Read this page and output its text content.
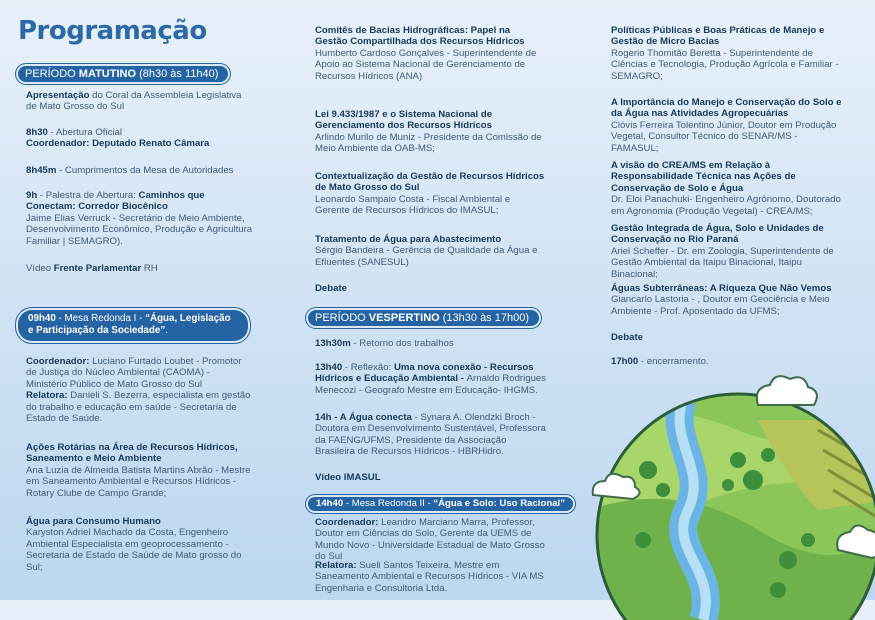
Programação
PERÍODO MATUTINO (8h30 às 11h40)
Apresentação do Coral da Assembleia Legislativa de Mato Grosso do Sul
8h30 - Abertura Oficial
Coordenador: Deputado Renato Câmara
8h45m - Cumprimentos da Mesa de Autoridades
9h - Palestra de Abertura: Caminhos que Conectam: Corredor Biocênico
Jaime Elias Verruck - Secretário de Meio Ambiente, Desenvolvimento Econômico, Produção e Agricultura Familiar | SEMAGRO).
Vídeo Frente Parlamentar RH
09h40 - Mesa Redonda I - “Água, Legislação e Participação da Sociedade”.
Coordenador: Luciano Furtado Loubet - Promotor de Justiça do Núcleo Ambiental (CAOMA) - Ministério Público de Mato Grosso do Sul
Relatora: Danieli S. Bezerra, especialista em gestão do trabalho e educação em saúde - Secretaria de Estado de Saúde.
Ações Rotárias na Área de Recursos Hídricos, Saneamento e Meio Ambiente
Ana Luzia de Almeida Batista Martins Abrão - Mestre em Saneamento Ambiental e Recursos Hídricos - Rotary Clube de Campo Grande;
Água para Consumo Humano
Karyston Adriel Machado da Costa, Engenheiro Ambiental Especialista em geoprocessamento - Secretaria de Estado de Saúde de Mato grosso do Sul;
Comitês de Bacias Hidrográficas: Papel na Gestão Compartilhada dos Recursos Hídricos
Humberto Cardoso Gonçalves - Superintendente de Apoio ao Sistema Nacional de Gerenciamento de Recursos Hídricos (ANA)
Lei 9.433/1987 e o Sistema Nacional de Gerenciamento dos Recursos Hídricos
Arlindo Murilo de Muniz - Presidente da Comissão de Meio Ambiente da OAB-MS;
Contextualização da Gestão de Recursos Hídricos de Mato Grosso do Sul
Leonardo Sampaio Costa - Fiscal Ambiental e Gerente de Recursos Hídricos do IMASUL;
Tratamento de Água para Abastecimento
Sérgio Bandeira - Gerência de Qualidade da Água e Efluentes (SANESUL)
Debate
PERÍODO VESPERTINO (13h30 às 17h00)
13h30m - Retorno dos trabalhos
13h40 - Reflexão: Uma nova conexão - Recursos Hídricos e Educação Ambiental - Arnaldo Rodrigues Menecozi - Geografo Mestre em Educação- IHGMS.
14h - A Água conecta - Synara A. Olendzki Broch - Doutora em Desenvolvimento Sustentável, Professora da FAENG/UFMS, Presidente da Associação Brasileira de Recursos Hídricos - HBRHidro.
Vídeo IMASUL
14h40 - Mesa Redonda II - “Água e Solo: Uso Racional”
Coordenador: Leandro Marciano Marra, Professor, Doutor em Ciências do Solo, Gerente da UEMS de Mundo Novo - Universidade Estadual de Mato Grosso do Sul
Relatora: Sueli Santos Teixeira, Mestre em Saneamento Ambiental e Recursos Hídricos - VIA MS Engenharia e Consultoria Ltda.
Políticas Públicas e Boas Práticas de Manejo e Gestão de Micro Bacias
Rogerio Thomitão Beretta - Superintendente de Ciências e Tecnologia, Produção Agrícola e Familiar - SEMAGRO;
A Importância do Manejo e Conservação do Solo e da Água nas Atividades Agropecuárias
Clóvis Ferreira Tolentino Júnior, Doutor em Produção Vegetal, Consultor Técnico do SENAR/MS - FAMASUL;
A visão do CREA/MS em Relação à Responsabilidade Técnica nas Ações de Conservação de Solo e Água
Dr. Eloi Panachuki- Engenheiro Agrônomo, Doutorado em Agronomia (Produção Vegetal) - CREA/MS;
Gestão Integrada de Água, Solo e Unidades de Conservação no Rio Paraná
Ariel Scheffer - Dr. em Zoologia, Superintendente de Gestão Ambiental da Itaipu Binacional, Itaipu Binacional;
Águas Subterrâneas: A Riqueza Que Não Vemos
Giancarlo Lastoria - , Doutor em Geociência e Meio Ambiente - Prof. Aposentado da UFMS;
Debate
17h00 - encerramento.
